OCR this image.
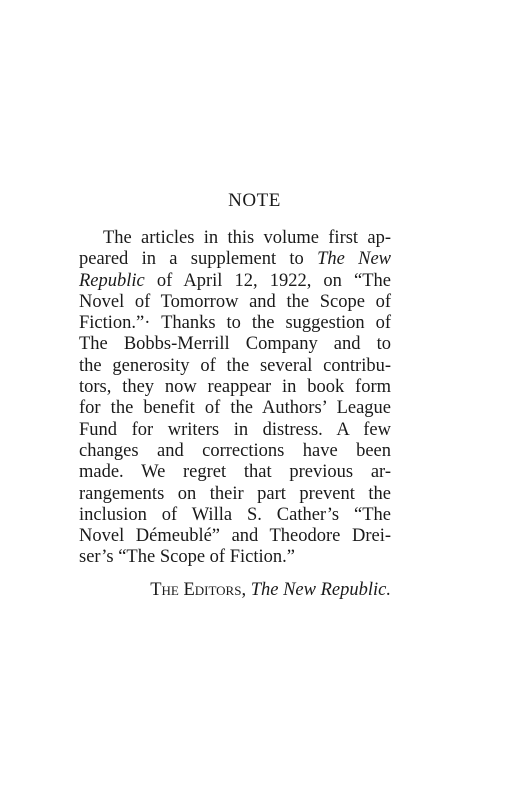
NOTE
The articles in this volume first ap-
peared in a supplement to The New
Republic of April 12, 1922, on “The
Novel of Tomorrow and the Scope of
Fiction.”· Thanks to the suggestion of
The Bobbs-Merrill Company and to
the generosity of the several contribu-
tors, they now reappear in book form
for the benefit of the Authors’ League
Fund for writers in distress. A few
changes and corrections have been
made. We regret that previous ar-
rangements on their part prevent the
inclusion of Willa S. Cather’s “The
Novel Démeublé” and Theodore Drei-
ser’s “The Scope of Fiction.”
The Editors, The New Republic.
